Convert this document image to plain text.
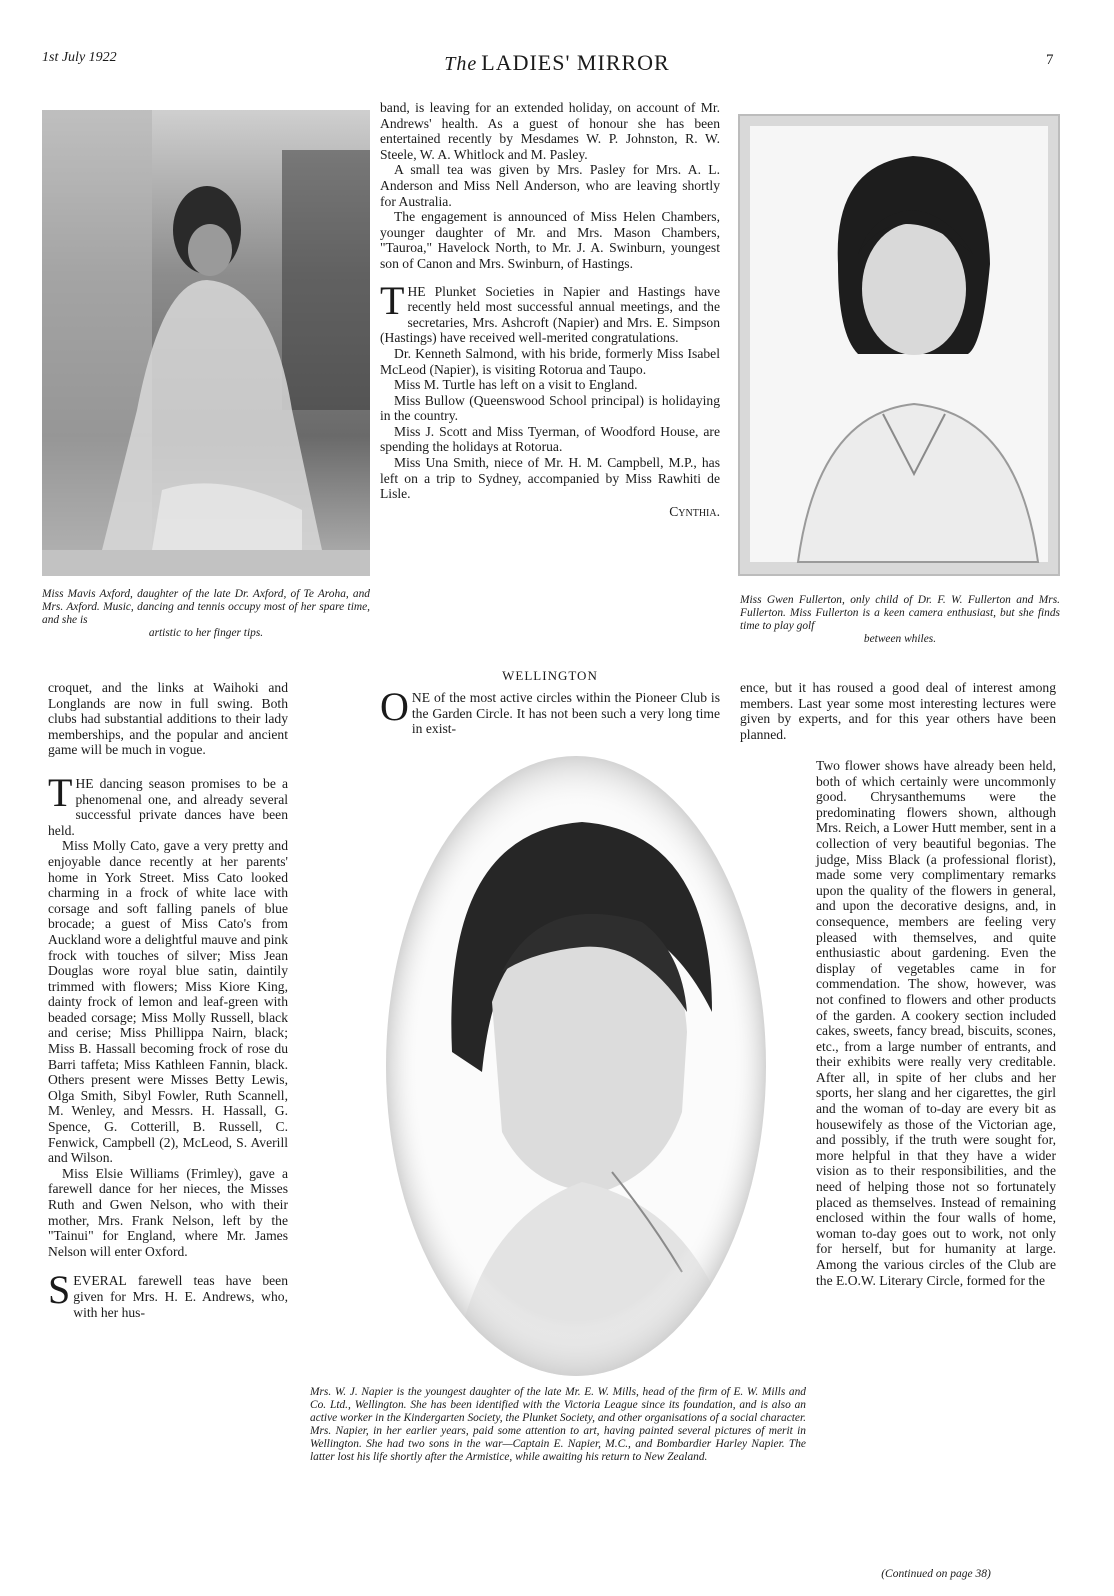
1st July 1922	The LADIES' MIRROR	7
Miss Mavis Axford, daughter of the late Dr. Axford, of Te Aroha, and Mrs. Axford. Music, dancing and tennis occupy most of her spare time, and she is
artistic to her finger tips.
Miss Gwen Fullerton, only child of Dr. F. W. Fullerton and Mrs. Fullerton. Miss Fullerton is a keen camera enthusiast, but she finds time to play golf
between whiles.

band, is leaving for an extended holiday, on account of Mr. Andrews' health. As a guest of honour she has been entertained recently by Mesdames W. P. Johnston, R. W. Steele, W. A. Whitlock and M. Pasley.

A small tea was given by Mrs. Pasley for Mrs. A. L. Anderson and Miss Nell Anderson, who are leaving shortly for Australia.

The engagement is announced of Miss Helen Chambers, younger daughter of Mr. and Mrs. Mason Chambers, "Tauroa," Havelock North, to Mr. J. A. Swinburn, youngest son of Canon and Mrs. Swinburn, of Hastings.

THE Plunket Societies in Napier and Hastings have recently held most successful annual meetings, and the secretaries, Mrs. Ashcroft (Napier) and Mrs. E. Simpson (Hastings) have received well-merited congratulations.

Dr. Kenneth Salmond, with his bride, formerly Miss Isabel McLeod (Napier), is visiting Rotorua and Taupo.

Miss M. Turtle has left on a visit to England.

Miss Bullow (Queenswood School principal) is holidaying in the country.

Miss J. Scott and Miss Tyerman, of Woodford House, are spending the holidays at Rotorua.

Miss Una Smith, niece of Mr. H. M. Campbell, M.P., has left on a trip to Sydney, accompanied by Miss Rawhiti de Lisle.

Cynthia.
WELLINGTON

ONE of the most active circles within the Pioneer Club is the Garden Circle. It has not been such a very long time in exist-

Mrs. W. J. Napier is the youngest daughter of the late Mr. E. W. Mills, head of the firm of E. W. Mills and Co. Ltd., Wellington. She has been identified with the Victoria League since its foundation, and is also an active worker in the Kindergarten Society, the Plunket Society, and other organisations of a social character. Mrs. Napier, in her earlier years, paid some attention to art, having painted several pictures of merit in Wellington. She had two sons in the war—Captain E. Napier, M.C., and Bombardier Harley Napier. The latter lost his life shortly after the Armistice, while awaiting his return to New Zealand.

croquet, and the links at Waihoki and Longlands are now in full swing. Both clubs had substantial additions to their lady memberships, and the popular and ancient game will be much in vogue.

THE dancing season promises to be a phenomenal one, and already several successful private dances have been held.

Miss Molly Cato, gave a very pretty and enjoyable dance recently at her parents' home in York Street. Miss Cato looked charming in a frock of white lace with corsage and soft falling panels of blue brocade; a guest of Miss Cato's from Auckland wore a delightful mauve and pink frock with touches of silver; Miss Jean Douglas wore royal blue satin, daintily trimmed with flowers; Miss Kiore King, dainty frock of lemon and leaf-green with beaded corsage; Miss Molly Russell, black and cerise; Miss Phillippa Nairn, black; Miss B. Hassall becoming frock of rose du Barri taffeta; Miss Kathleen Fannin, black. Others present were Misses Betty Lewis, Olga Smith, Sibyl Fowler, Ruth Scannell, M. Wenley, and Messrs. H. Hassall, G. Spence, G. Cotterill, B. Russell, C. Fenwick, Campbell (2), McLeod, S. Averill and Wilson.

Miss Elsie Williams (Frimley), gave a farewell dance for her nieces, the Misses Ruth and Gwen Nelson, who with their mother, Mrs. Frank Nelson, left by the "Tainui" for England, where Mr. James Nelson will enter Oxford.

SEVERAL farewell teas have been given for Mrs. H. E. Andrews, who, with her hus-

ence, but it has roused a good deal of interest among members. Last year some most interesting lectures were given by experts, and for this year others have been planned.

Two flower shows have already been held, both of which certainly were uncommonly good. Chrysanthemums were the predominating flowers shown, although Mrs. Reich, a Lower Hutt member, sent in a collection of very beautiful begonias. The judge, Miss Black (a professional florist), made some very complimentary remarks upon the quality of the flowers in general, and upon the decorative designs, and, in consequence, members are feeling very pleased with themselves, and quite enthusiastic about gardening. Even the display of vegetables came in for commendation. The show, however, was not confined to flowers and other products of the garden. A cookery section included cakes, sweets, fancy bread, biscuits, scones, etc., from a large number of entrants, and their exhibits were really very creditable. After all, in spite of her clubs and her sports, her slang and her cigarettes, the girl and the woman of to-day are every bit as housewifely as those of the Victorian age, and possibly, if the truth were sought for, more helpful in that they have a wider vision as to their responsibilities, and the need of helping those not so fortunately placed as themselves. Instead of remaining enclosed within the four walls of home, woman to-day goes out to work, not only for herself, but for humanity at large. Among the various circles of the Club are the E.O.W. Literary Circle, formed for the

(Continued on page 38)
